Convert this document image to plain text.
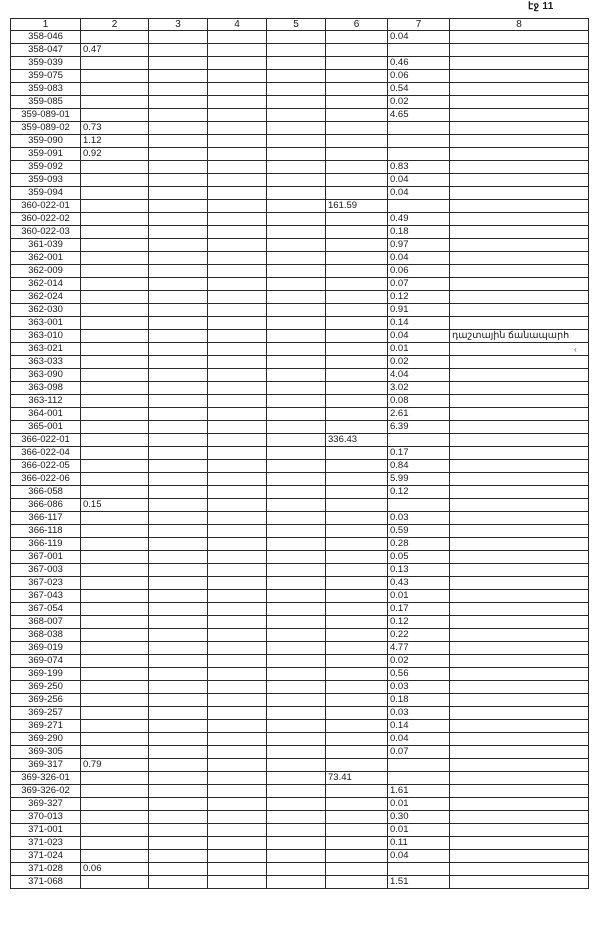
էջ 11
1	2	3	4	5	6	7	8
358-046						0.04	
358-047	0.47						
359-039						0.46	
359-075						0.06	
359-083						0.54	
359-085						0.02	
359-089-01						4.65	
359-089-02	0.73						
359-090	1.12						
359-091	0.92						
359-092						0.83	
359-093						0.04	
359-094						0.04	
360-022-01					161.59		
360-022-02						0.49	
360-022-03						0.18	
361-039						0.97	
362-001						0.04	
362-009						0.06	
362-014						0.07	
362-024						0.12	
362-030						0.91	
363-001						0.14	
363-010						0.04	դաշտային ճանապարհ
363-021						0.01	
363-033						0.02	
363-090						4.04	
363-098						3.02	
363-112						0.08	
364-001						2.61	
365-001						6.39	
366-022-01					336.43		
366-022-04						0.17	
366-022-05						0.84	
366-022-06						5.99	
366-058						0.12	
366-086	0.15						
366-117						0.03	
366-118						0.59	
366-119						0.28	
367-001						0.05	
367-003						0.13	
367-023						0.43	
367-043						0.01	
367-054						0.17	
368-007						0.12	
368-038						0.22	
369-019						4.77	
369-074						0.02	
369-199						0.56	
369-250						0.03	
369-256						0.18	
369-257						0.03	
369-271						0.14	
369-290						0.04	
369-305						0.07	
369-317	0.79						
369-326-01					73.41		
369-326-02						1.61	
369-327						0.01	
370-013						0.30	
371-001						0.01	
371-023						0.11	
371-024						0.04	
371-028	0.06						
371-068						1.51	
‹
